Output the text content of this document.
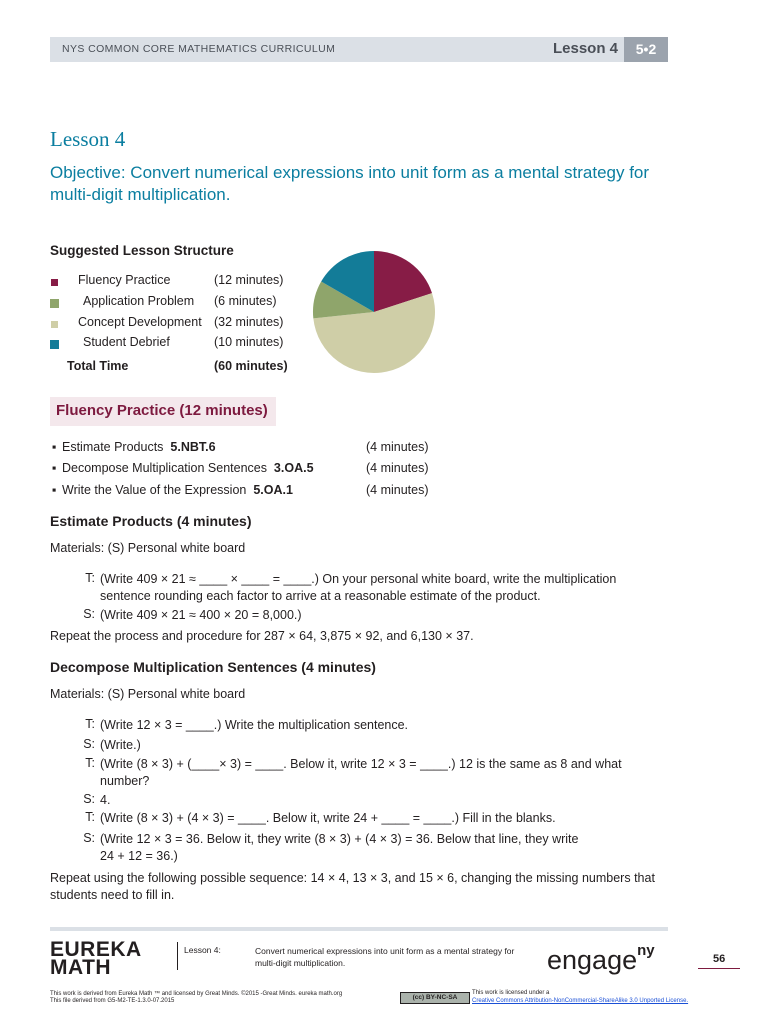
NYS COMMON CORE MATHEMATICS CURRICULUM	Lesson 4	5•2
Lesson 4
Objective: Convert numerical expressions into unit form as a mental strategy for multi-digit multiplication.
Suggested Lesson Structure
Fluency Practice	(12 minutes)
Application Problem (6 minutes)
Concept Development (32 minutes)
Student Debrief	(10 minutes)
Total Time	(60 minutes)
Fluency Practice (12 minutes)
▪ Estimate Products 5.NBT.6	(4 minutes)
▪ Decompose Multiplication Sentences 3.OA.5	(4 minutes)
▪ Write the Value of the Expression 5.OA.1	(4 minutes)
Estimate Products (4 minutes)
Materials: (S) Personal white board
T: (Write 409 × 21 ≈ ____ × ____ = ____.) On your personal white board, write the multiplication
sentence rounding each factor to arrive at a reasonable estimate of the product.
S: (Write 409 × 21 ≈ 400 × 20 = 8,000.)
Repeat the process and procedure for 287 × 64, 3,875 × 92, and 6,130 × 37.
Decompose Multiplication Sentences (4 minutes)
Materials: (S) Personal white board
T: (Write 12 × 3 = ____.) Write the multiplication sentence.
S: (Write.)
T: (Write (8 × 3) + (____× 3) = ____. Below it, write 12 × 3 = ____.) 12 is the same as 8 and what
number?
S: 4.
T: (Write (8 × 3) + (4 × 3) = ____. Below it, write 24 + ____ = ____.) Fill in the blanks.
S: (Write 12 × 3 = 36. Below it, they write (8 × 3) + (4 × 3) = 36. Below that line, they write
24 + 12 = 36.)
Repeat using the following possible sequence: 14 × 4, 13 × 3, and 15 × 6, changing the missing numbers that students need to fill in.
EUREKA
MATH
Lesson 4:	Convert numerical expressions into unit form as a mental strategy for multi-digit multiplication.	engage$^{ny}$	56
This work is derived from Eureka Math ™ and licensed by Great Minds. ©2015 -Great Minds. eureka math.org
This file derived from G5-M2-TE-1.3.0-07.2015	(cc) BY-NC-SA
This work is licensed under a
Creative Commons Attribution-NonCommercial-ShareAlike 3.0 Unported License.
